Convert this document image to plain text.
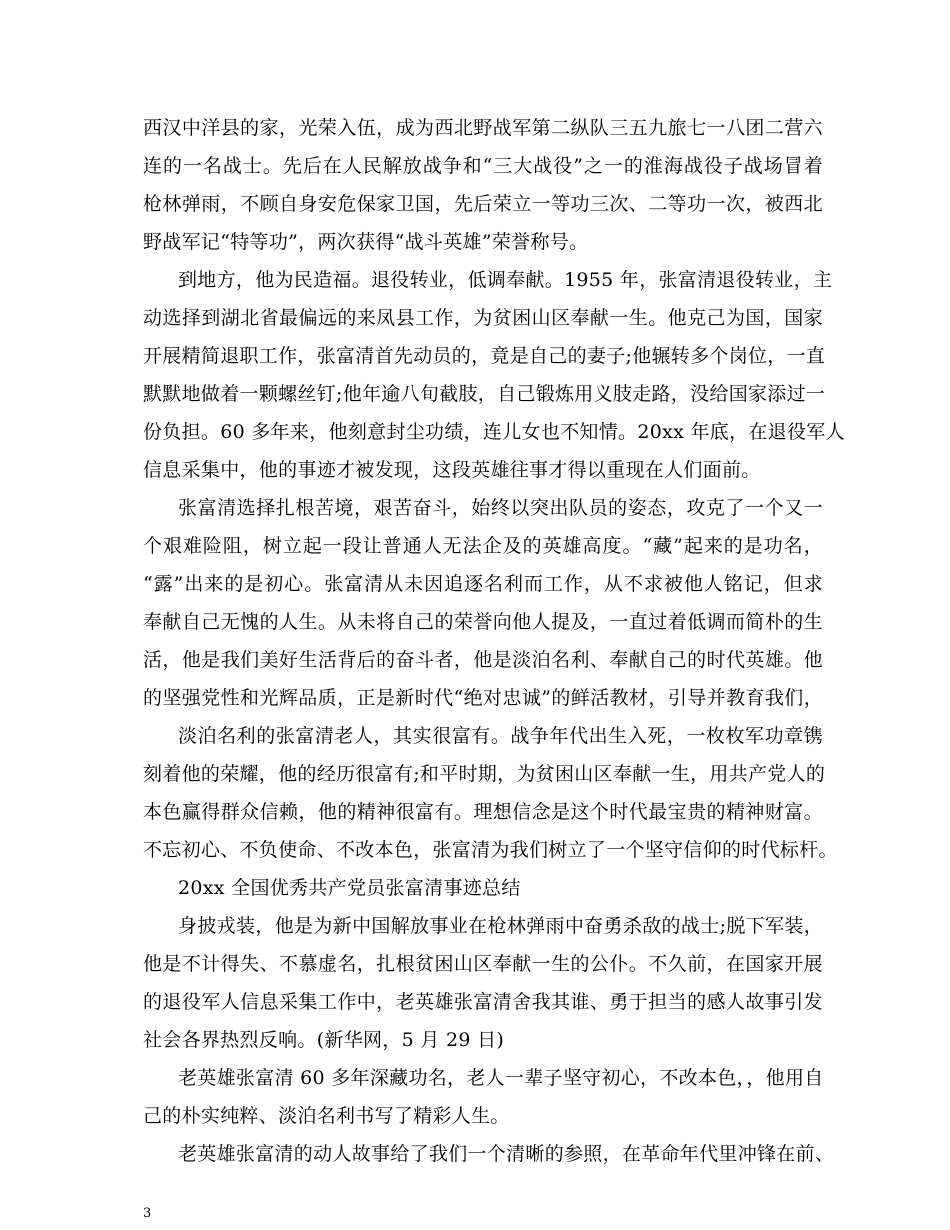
西汉中洋县的家，光荣入伍，成为西北野战军第二纵队三五九旅七一八团二营六
连的一名战士。先后在人民解放战争和“三大战役”之一的淮海战役子战场冒着
枪林弹雨，不顾自身安危保家卫国，先后荣立一等功三次、二等功一次，被西北
野战军记“特等功”，两次获得“战斗英雄”荣誉称号。
到地方，他为民造福。退役转业，低调奉献。1955 年，张富清退役转业，主
动选择到湖北省最偏远的来凤县工作，为贫困山区奉献一生。他克己为国，国家
开展精简退职工作，张富清首先动员的，竟是自己的妻子;他辗转多个岗位，一直
默默地做着一颗螺丝钉;他年逾八旬截肢，自己锻炼用义肢走路，没给国家添过一
份负担。60 多年来，他刻意封尘功绩，连儿女也不知情。20xx 年底，在退役军人
信息采集中，他的事迹才被发现，这段英雄往事才得以重现在人们面前。
张富清选择扎根苦境，艰苦奋斗，始终以突出队员的姿态，攻克了一个又一
个艰难险阻，树立起一段让普通人无法企及的英雄高度。“藏”起来的是功名，
“露”出来的是初心。张富清从未因追逐名利而工作，从不求被他人铭记，但求
奉献自己无愧的人生。从未将自己的荣誉向他人提及，一直过着低调而简朴的生
活，他是我们美好生活背后的奋斗者，他是淡泊名利、奉献自己的时代英雄。他
的坚强党性和光辉品质，正是新时代“绝对忠诚”的鲜活教材，引导并教育我们，
淡泊名利的张富清老人，其实很富有。战争年代出生入死，一枚枚军功章镌
刻着他的荣耀，他的经历很富有;和平时期，为贫困山区奉献一生，用共产党人的
本色赢得群众信赖，他的精神很富有。理想信念是这个时代最宝贵的精神财富。
不忘初心、不负使命、不改本色，张富清为我们树立了一个坚守信仰的时代标杆。
20xx 全国优秀共产党员张富清事迹总结
身披戎装，他是为新中国解放事业在枪林弹雨中奋勇杀敌的战士;脱下军装，
他是不计得失、不慕虚名，扎根贫困山区奉献一生的公仆。不久前，在国家开展
的退役军人信息采集工作中，老英雄张富清舍我其谁、勇于担当的感人故事引发
社会各界热烈反响。(新华网，5 月 29 日)
老英雄张富清 60 多年深藏功名，老人一辈子坚守初心，不改本色，，他用自
己的朴实纯粹、淡泊名利书写了精彩人生。
老英雄张富清的动人故事给了我们一个清晰的参照，在革命年代里冲锋在前、
3
